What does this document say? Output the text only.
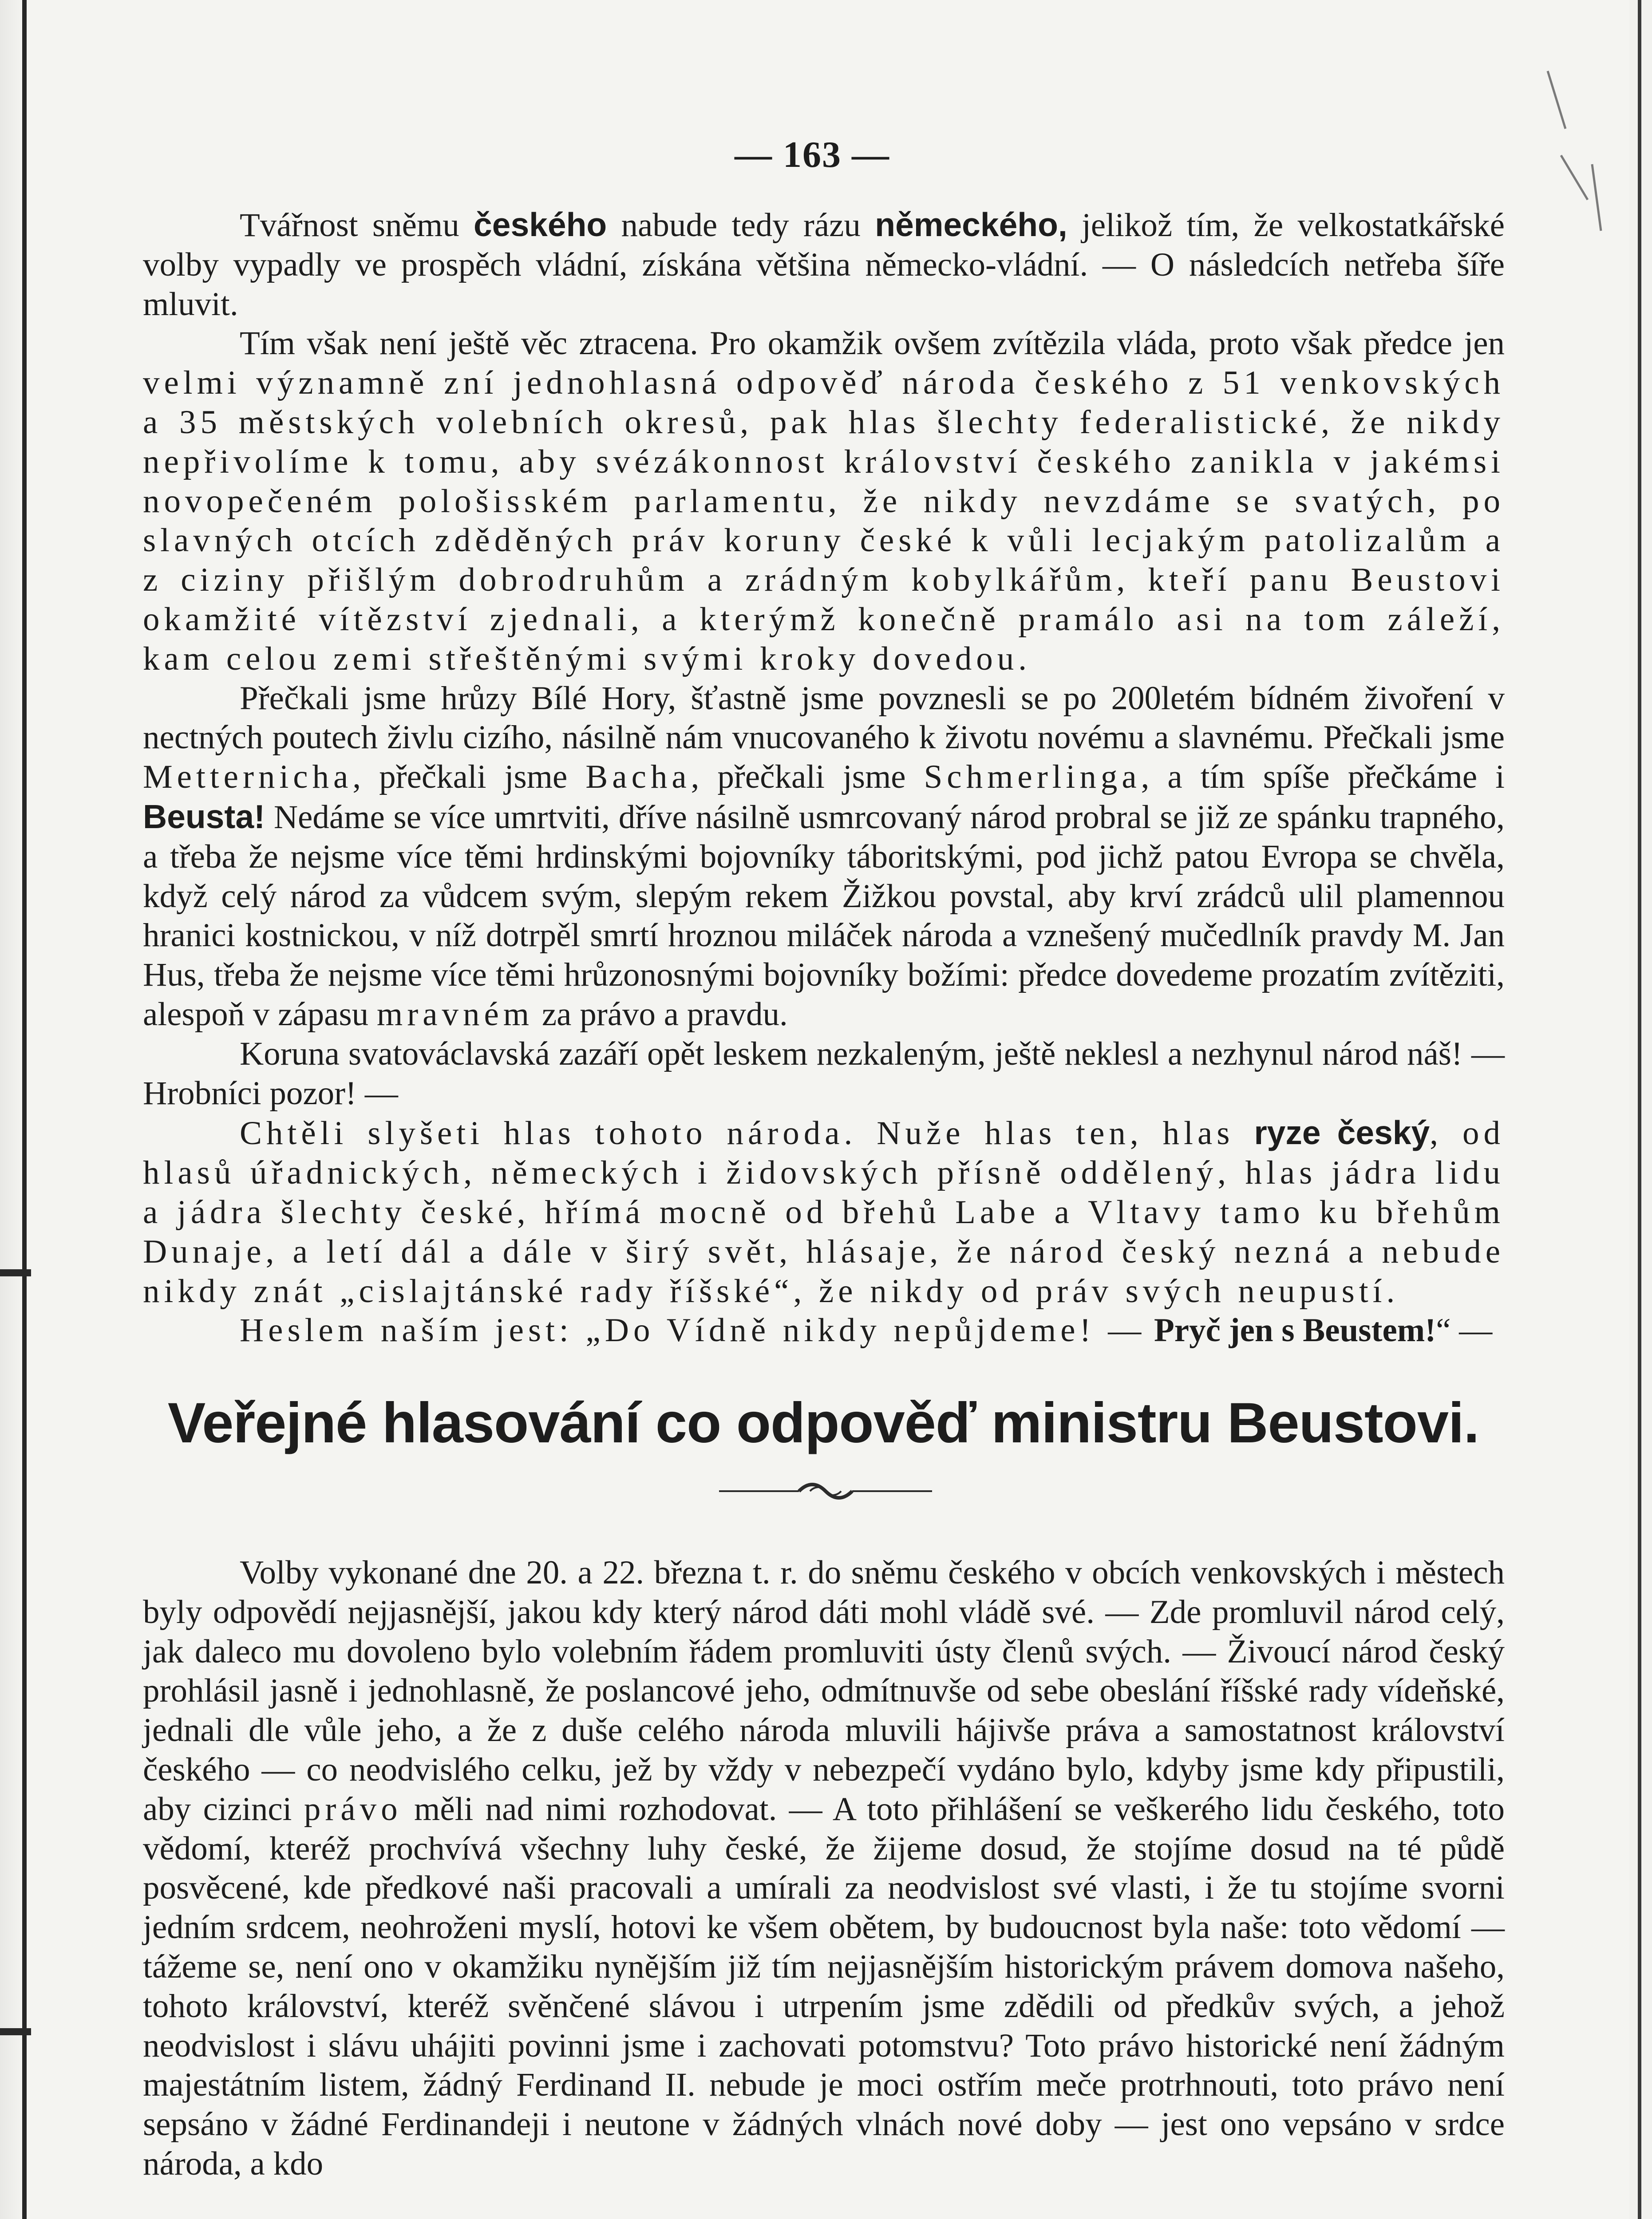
— 163 —

Tvářnost sněmu českého nabude tedy rázu německého, jelikož tím, že velkostatkářské volby vypadly ve prospěch vládní, získána většina německo-vládní. — O následcích netřeba šíře mluvit.

Tím však není ještě věc ztracena. Pro okamžik ovšem zvítězila vláda, proto však předce jen velmi významně zní jednohlasná odpověď národa českého z 51 venkovských a 35 městských volebních okresů, pak hlas šlechty federalistické, že nikdy nepřivolíme k tomu, aby svézákonnost království českého zanikla v jakémsi novopečeném pološisském parlamentu, že nikdy nevzdáme se svatých, po slavných otcích zděděných práv koruny české k vůli lecjakým patolizalům a z ciziny přišlým dobrodruhům a zrádným kobylkářům, kteří panu Beustovi okamžité vítězství zjednali, a kterýmž konečně pramálo asi na tom záleží, kam celou zemi střeštěnými svými kroky dovedou.

Přečkali jsme hrůzy Bílé Hory, šťastně jsme povznesli se po 200letém bídném živoření v nectných poutech živlu cizího, násilně nám vnucovaného k životu novému a slavnému. Přečkali jsme Metternicha, přečkali jsme Bacha, přečkali jsme Schmerlinga, a tím spíše přečkáme i Beusta! Nedáme se více umrtviti, dříve násilně usmrcovaný národ probral se již ze spánku trapného, a třeba že nejsme více těmi hrdinskými bojovníky táboritskými, pod jichž patou Evropa se chvěla, když celý národ za vůdcem svým, slepým rekem Žižkou povstal, aby krví zrádců ulil plamennou hranici kostnickou, v níž dotrpěl smrtí hroznou miláček národa a vznešený mučedlník pravdy M. Jan Hus, třeba že nejsme více těmi hrůzonosnými bojovníky božími: předce dovedeme prozatím zvítěziti, alespoň v zápasu mravném za právo a pravdu.

Koruna svatováclavská zazáří opět leskem nezkaleným, ještě neklesl a nezhynul národ náš! — Hrobníci pozor! —

Chtěli slyšeti hlas tohoto národa. Nuže hlas ten, hlas ryze český, od hlasů úřadnických, německých i židovských přísně oddělený, hlas jádra lidu a jádra šlechty české, hřímá mocně od břehů Labe a Vltavy tamo ku břehům Dunaje, a letí dál a dále v širý svět, hlásaje, že národ český nezná a nebude nikdy znát „cislajtánské rady říšské“, že nikdy od práv svých neupustí.

Heslem naším jest: „Do Vídně nikdy nepůjdeme! — Pryč jen s Beustem!“ —

Veřejné hlasování co odpověď ministru Beustovi.

Volby vykonané dne 20. a 22. března t. r. do sněmu českého v obcích venkovských i městech byly odpovědí nejjasnější, jakou kdy který národ dáti mohl vládě své. — Zde promluvil národ celý, jak daleco mu dovoleno bylo volebním řádem promluviti ústy členů svých. — Živoucí národ český prohlásil jasně i jednohlasně, že poslancové jeho, odmítnuvše od sebe obeslání říšské rady vídeňské, jednali dle vůle jeho, a že z duše celého národa mluvili hájivše práva a samostatnost království českého — co neodvislého celku, jež by vždy v nebezpečí vydáno bylo, kdyby jsme kdy připustili, aby cizinci právo měli nad nimi rozhodovat. — A toto přihlášení se veškerého lidu českého, toto vědomí, kteréž prochvívá všechny luhy české, že žijeme dosud, že stojíme dosud na té půdě posvěcené, kde předkové naši pracovali a umírali za neodvislost své vlasti, i že tu stojíme svorni jedním srdcem, neohroženi myslí, hotovi ke všem obětem, by budoucnost byla naše: toto vědomí — tážeme se, není ono v okamžiku nynějším již tím nejjasnějším historickým právem domova našeho, tohoto království, kteréž svěnčené slávou i utrpením jsme zdědili od předkův svých, a jehož neodvislost i slávu uhájiti povinni jsme i zachovati potomstvu? Toto právo historické není žádným majestátním listem, žádný Ferdinand II. nebude je moci ostřím meče protrhnouti, toto právo není sepsáno v žádné Ferdinandeji i neutone v žádných vlnách nové doby — jest ono vepsáno v srdce národa, a kdo
